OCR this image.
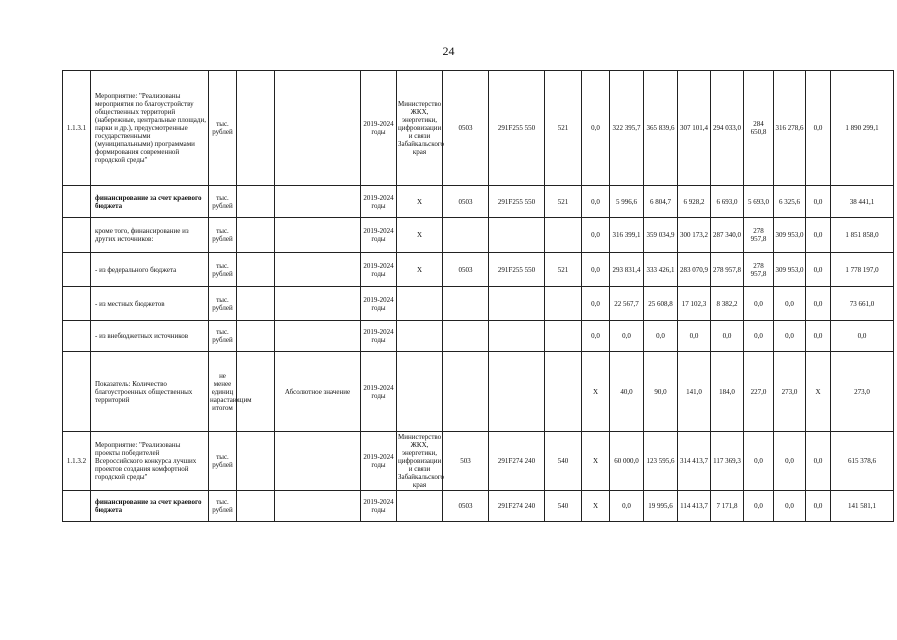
24
1.1.3.1	Мероприятие: "Реализованы мероприятия по благоустройству общественных территорий (набережные, центральные площади, парки и др.), предусмотренные государственными (муниципальными) программами формирования современной городской среды"	тыс. рублей			2019-2024 годы	Министерство ЖКХ, энергетики, цифровизации и связи Забайкальского края	0503	291F255 550	521	0,0	322 395,7	365 839,6	307 101,4	294 033,0	284 650,8	316 278,6	0,0	1 890 299,1
	финансирование за счет краевого бюджета	тыс. рублей			2019-2024 годы	X	0503	291F255 550	521	0,0	5 996,6	6 804,7	6 928,2	6 693,0	5 693,0	6 325,6	0,0	38 441,1
	кроме того, финансирование из других источников:	тыс. рублей			2019-2024 годы	X				0,0	316 399,1	359 034,9	300 173,2	287 340,0	278 957,8	309 953,0	0,0	1 851 858,0
	- из федерального бюджета	тыс. рублей			2019-2024 годы	X	0503	291F255 550	521	0,0	293 831,4	333 426,1	283 070,9	278 957,8	278 957,8	309 953,0	0,0	1 778 197,0
	- из местных бюджетов	тыс. рублей			2019-2024 годы					0,0	22 567,7	25 608,8	17 102,3	8 382,2	0,0	0,0	0,0	73 661,0
	- из внебюджетных источников	тыс. рублей			2019-2024 годы					0,0	0,0	0,0	0,0	0,0	0,0	0,0	0,0	0,0
	Показатель: Количество благоустроенных общественных территорий	не менее единиц нарастающим итогом		Абсолютное значение	2019-2024 годы					X	40,0	90,0	141,0	184,0	227,0	273,0	X	273,0
1.1.3.2	Мероприятие: "Реализованы проекты победителей Всероссийского конкурса лучших проектов создания комфортной городской среды"	тыс. рублей			2019-2024 годы	Министерство ЖКХ, энергетики, цифровизации и связи Забайкальского края	503	291F274 240	540	X	60 000,0	123 595,6	314 413,7	117 369,3	0,0	0,0	0,0	615 378,6
	финансирование за счет краевого бюджета	тыс. рублей			2019-2024 годы		0503	291F274 240	540	X	0,0	19 995,6	114 413,7	7 171,8	0,0	0,0	0,0	141 581,1
